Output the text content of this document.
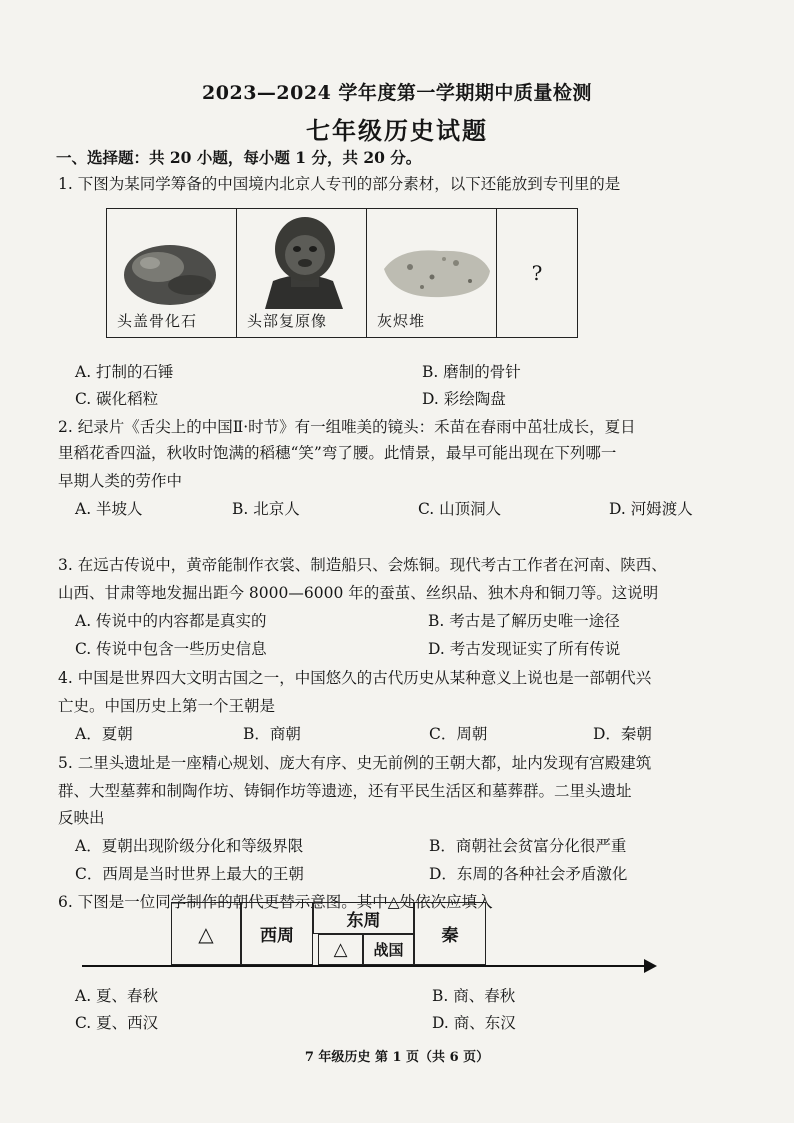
2023—2024 学年度第一学期期中质量检测
七年级历史试题
一、选择题：共 20 小题，每小题 1 分，共 20 分。
1. 下图为某同学筹备的中国境内北京人专刊的部分素材，以下还能放到专刊里的是
头盖骨化石	头部复原像	灰烬堆
?
A. 打制的石锤	B. 磨制的骨针
C. 碳化稻粒	D. 彩绘陶盘
2. 纪录片《舌尖上的中国Ⅱ·时节》有一组唯美的镜头：禾苗在春雨中茁壮成长，夏日
里稻花香四溢，秋收时饱满的稻穗“笑”弯了腰。此情景，最早可能出现在下列哪一
早期人类的劳作中
A. 半坡人	B. 北京人	C. 山顶洞人	D. 河姆渡人
3. 在远古传说中，黄帝能制作衣裳、制造船只、会炼铜。现代考古工作者在河南、陕西、
山西、甘肃等地发掘出距今 8000—6000 年的蚕茧、丝织品、独木舟和铜刀等。这说明
A. 传说中的内容都是真实的	B. 考古是了解历史唯一途径
C. 传说中包含一些历史信息	D. 考古发现证实了所有传说
4. 中国是世界四大文明古国之一，中国悠久的古代历史从某种意义上说也是一部朝代兴
亡史。中国历史上第一个王朝是
A．夏朝	B．商朝	C．周朝	D．秦朝
5. 二里头遗址是一座精心规划、庞大有序、史无前例的王朝大都，址内发现有宫殿建筑
群、大型墓葬和制陶作坊、铸铜作坊等遗迹，还有平民生活区和墓葬群。二里头遗址
反映出
A．夏朝出现阶级分化和等级界限	B．商朝社会贫富分化很严重
C．西周是当时世界上最大的王朝	D．东周的各种社会矛盾激化
6. 下图是一位同学制作的朝代更替示意图。其中△处依次应填入
△	西周
东周
△	战国
秦
A. 夏、春秋	B. 商、春秋
C. 夏、西汉	D. 商、东汉
7 年级历史 第 1 页（共 6 页）
